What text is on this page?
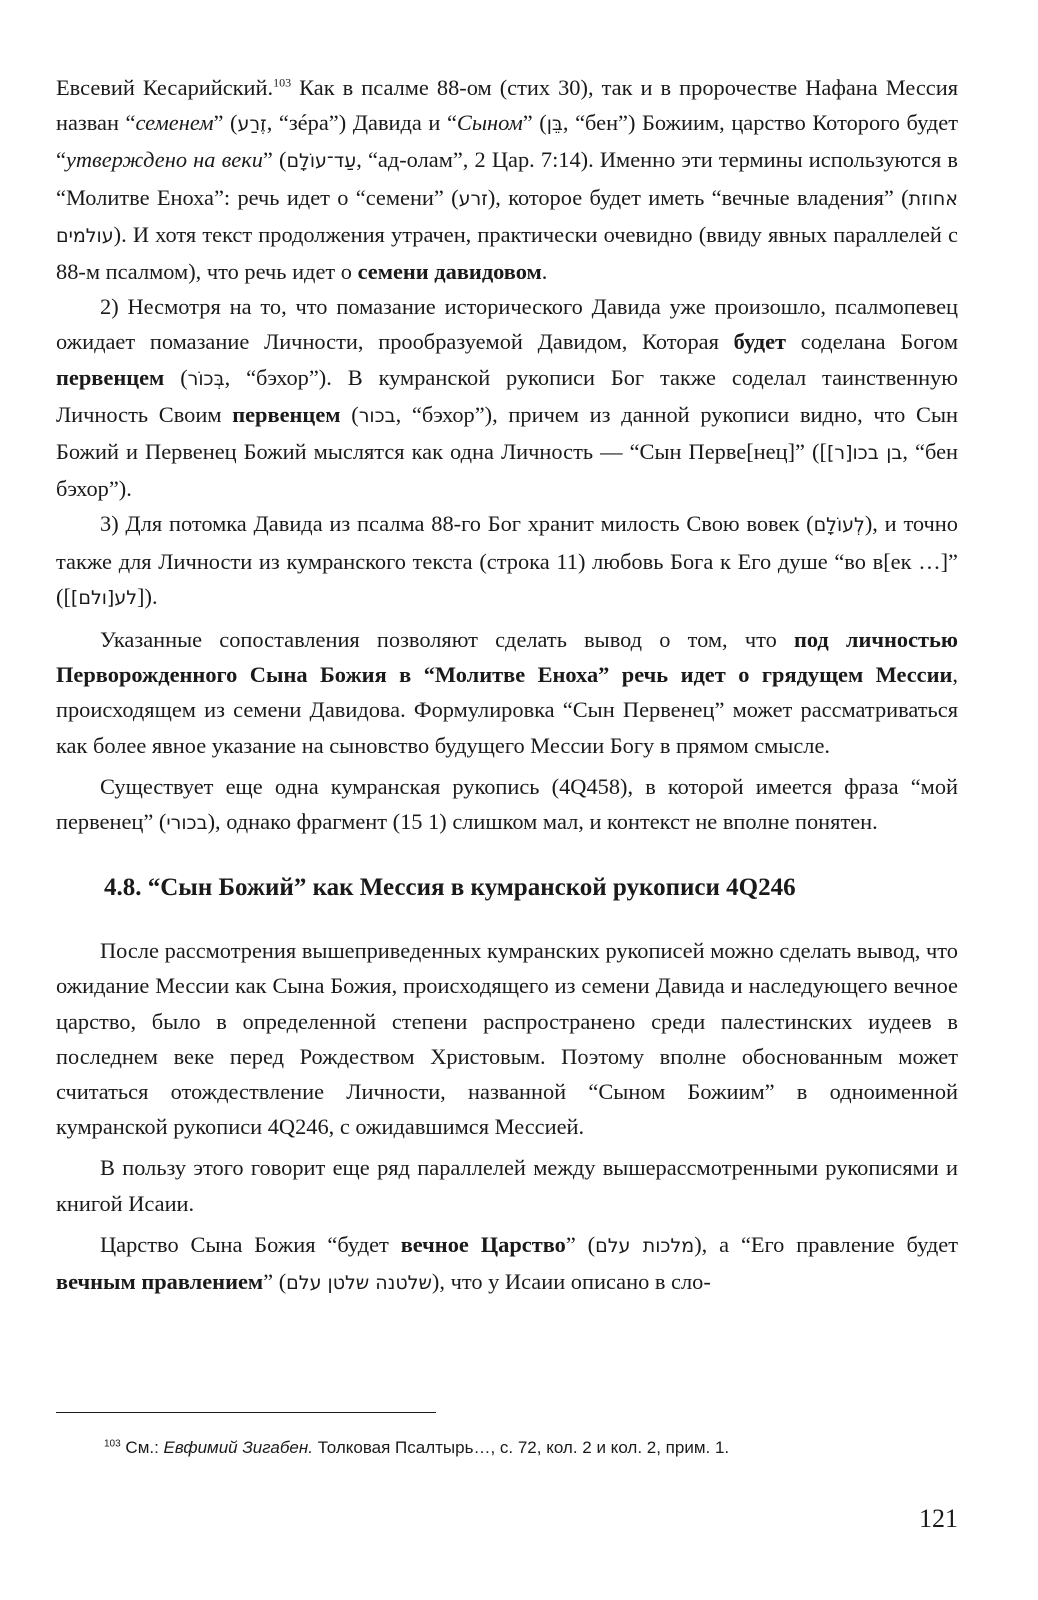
Евсевий Кесарийский.$^{103}$ Как в псалме 88-ом (стих 30), так и в пророчестве Нафана Мессия назван “семенем” (זֶרַע, “зéра”) Давида и “Сыном” (בֵּן, “бен”) Божиим, царство Которого будет “утверждено на веки” (עַד־עוֹלָם, “ад-олам”, 2 Цар. 7:14). Именно эти термины используются в “Молитве Еноха”: речь идет о “семени” (זרע), которое будет иметь “вечные владения” (אחוזת עולמים). И хотя текст продолжения утрачен, практически очевидно (ввиду явных параллелей с 88-м псалмом), что речь идет о семени давидовом.

2) Несмотря на то, что помазание исторического Давида уже произошло, псалмопевец ожидает помазание Личности, прообразуемой Давидом, Которая будет соделана Богом первенцем (בְּכוֹר, “бэхор”). В кумранской рукописи Бог также соделал таинственную Личность Своим первенцем (בכור, “бэхор”), причем из данной рукописи видно, что Сын Божий и Первенец Божий мыслятся как одна Личность — “Сын Перве[нец]” ([בן בכו[ר], “бен бэхор”).

3) Для потомка Давида из псалма 88-го Бог хранит милость Свою вовек (לְעוֹלָם), и точно также для Личности из кумранского текста (строка 11) любовь Бога к Его душе “во в[ек …]” ([לע[ולם]]).

Указанные сопоставления позволяют сделать вывод о том, что под личностью Перворожденного Сына Божия в “Молитве Еноха” речь идет о грядущем Мессии, происходящем из семени Давидова. Формулировка “Сын Первенец” может рассматриваться как более явное указание на сыновство будущего Мессии Богу в прямом смысле.

Существует еще одна кумранская рукопись (4Q458), в которой имеется фраза “мой первенец” (בכורי), однако фрагмент (15 1) слишком мал, и контекст не вполне понятен.

4.8. “Сын Божий” как Мессия в кумранской рукописи 4Q246

После рассмотрения вышеприведенных кумранских рукописей можно сделать вывод, что ожидание Мессии как Сына Божия, происходящего из семени Давида и наследующего вечное царство, было в определенной степени распространено среди палестинских иудеев в последнем веке перед Рождеством Христовым. Поэтому вполне обоснованным может считаться отождествление Личности, названной “Сыном Божиим” в одноименной кумранской рукописи 4Q246, с ожидавшимся Мессией.

В пользу этого говорит еще ряд параллелей между вышерассмотренными рукописями и книгой Исаии.

Царство Сына Божия “будет вечное Царство” (מלכות עלם), а “Его правление будет вечным правлением” (שלטנה שלטן עלם), что у Исаии описано в сло-

$^{103}$ См.: Евфимий Зигабен. Толковая Псалтырь…, с. 72, кол. 2 и кол. 2, прим. 1.
121
